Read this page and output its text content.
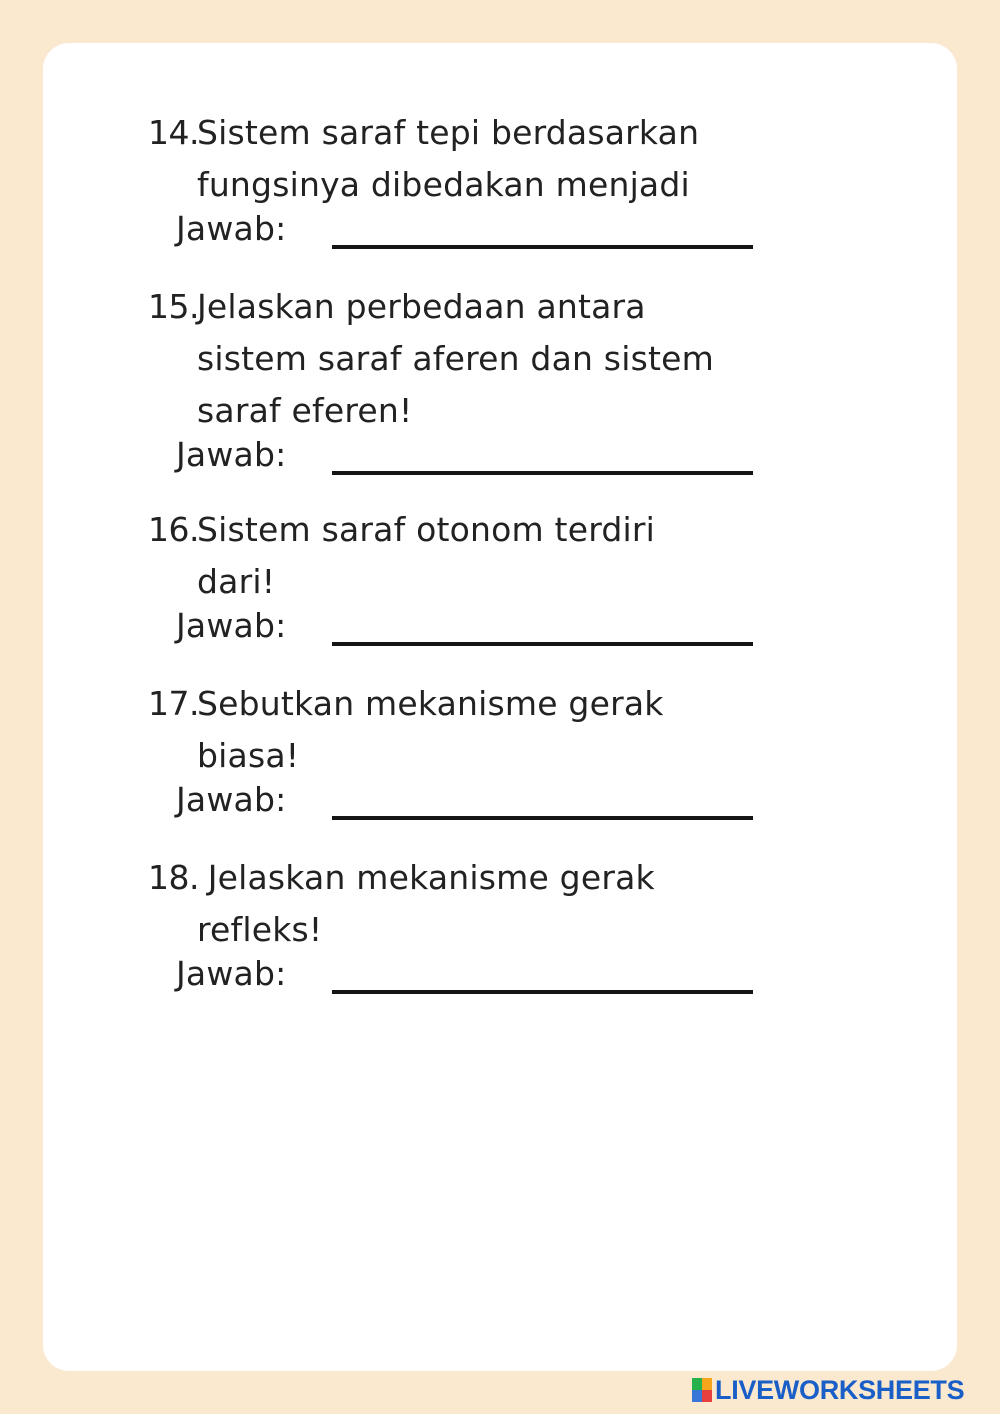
14.
Sistem saraf tepi berdasarkan
fungsinya dibedakan menjadi
Jawab:
15.
Jelaskan perbedaan antara
sistem saraf aferen dan sistem
saraf eferen!
Jawab:
16.
Sistem saraf otonom terdiri
dari!
Jawab:
17.
Sebutkan mekanisme gerak
biasa!
Jawab:
18.
Jelaskan mekanisme gerak
refleks!
Jawab:
LIVEWORKSHEETS
